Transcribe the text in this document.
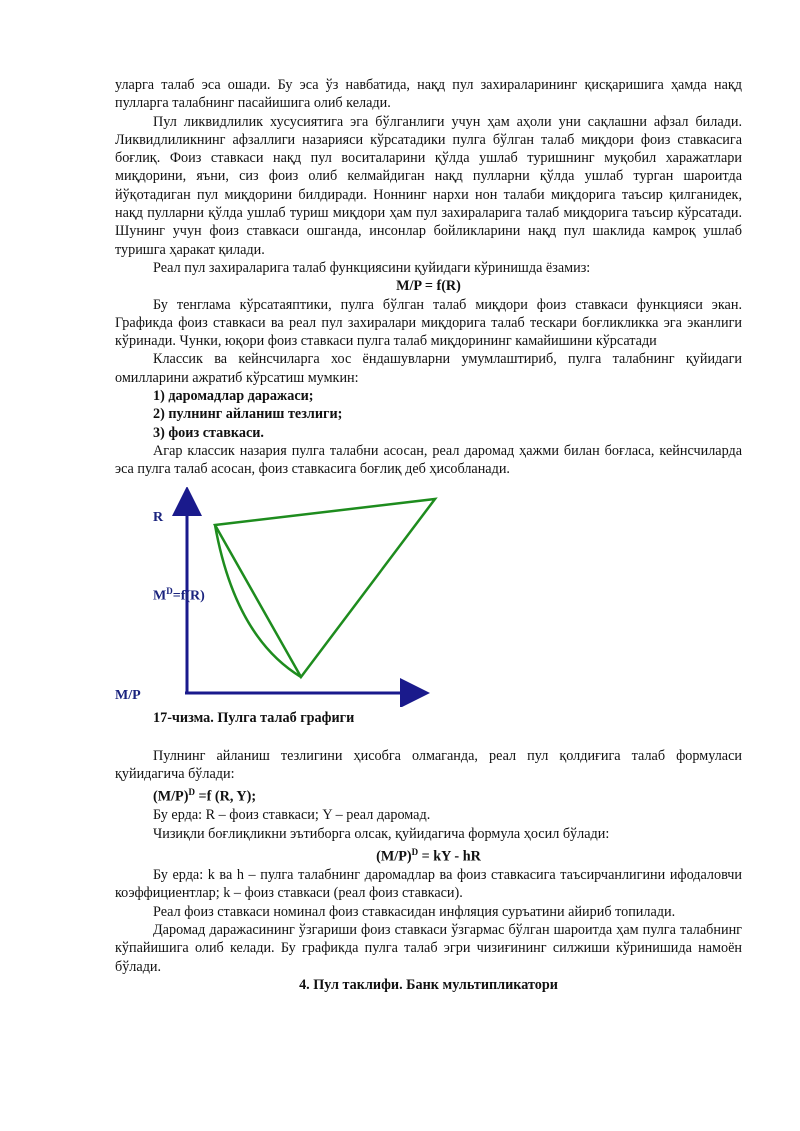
уларга талаб эса ошади. Бу эса ўз навбатида, нақд пул захираларининг қисқаришига ҳамда нақд пулларга талабнинг пасайишига олиб келади.

Пул ликвидлилик хусусиятига эга бўлганлиги учун ҳам аҳоли уни сақлашни афзал билади. Ликвидлиликнинг афзаллиги назарияси кўрсатадики пулга бўлган талаб миқдори фоиз ставкасига боғлиқ. Фоиз ставкаси нақд пул воситаларини қўлда ушлаб туришнинг муқобил харажатлари миқдорини, яъни, сиз фоиз олиб келмайдиган нақд пулларни қўлда ушлаб турган шароитда йўқотадиган пул миқдорини билдиради. Ноннинг нархи нон талаби миқдорига таъсир қилганидек, нақд пулларни қўлда ушлаб туриш миқдори ҳам пул захираларига талаб миқдорига таъсир кўрсатади. Шунинг учун фоиз ставкаси ошганда, инсонлар бойликларини нақд пул шаклида камроқ ушлаб туришга ҳаракат қилади.

Реал пул захираларига талаб функциясини қуйидаги кўринишда ёзамиз:

M/P = f(R)

Бу тенглама кўрсатаяптики, пулга бўлган талаб миқдори фоиз ставкаси функцияси экан. Графикда фоиз ставкаси ва реал пул захиралари миқдорига талаб тескари боғликликка эга эканлиги кўринади. Чунки, юқори фоиз ставкаси пулга талаб миқдорининг камайишини кўрсатади

Классик ва кейнсчиларга хос ёндашувларни умумлаштириб, пулга талабнинг қуйидаги омилларини ажратиб кўрсатиш мумкин:

1) даромадлар даражаси;
2) пулнинг айланиш тезлиги;
3) фоиз ставкаси.

Агар классик назария пулга талабни асосан, реал даромад ҳажми билан боғласа, кейнсчиларда эса пулга талаб асосан, фоиз ставкасига боғлиқ деб ҳисобланади.

R
$M^D=f(R)$
M/P

17-чизма. Пулга талаб графиги

Пулнинг айланиш тезлигини ҳисобга олмаганда, реал пул қолдиғига талаб формуласи қуйидагича бўлади:

$(M/P)^D =f$ (R, Y);

Бу ерда: R – фоиз ставкаси; Y – реал даромад.

Чизиқли боғлиқликни эътиборга олсак, қуйидагича формула ҳосил бўлади:

$(M/P)^D$ = kY - hR

Бу ерда: k ва h – пулга талабнинг даромадлар ва фоиз ставкасига таъсирчанлигини ифодаловчи коэффициентлар; k – фоиз ставкаси (реал фоиз ставкаси).

Реал фоиз ставкаси номинал фоиз ставкасидан инфляция суръатини айириб топилади.

Даромад даражасининг ўзгариши фоиз ставкаси ўзгармас бўлган шароитда ҳам пулга талабнинг кўпайишига олиб келади. Бу графикда пулга талаб эгри чизиғининг силжиши кўринишида намоён бўлади.

4. Пул таклифи. Банк мультипликатори
